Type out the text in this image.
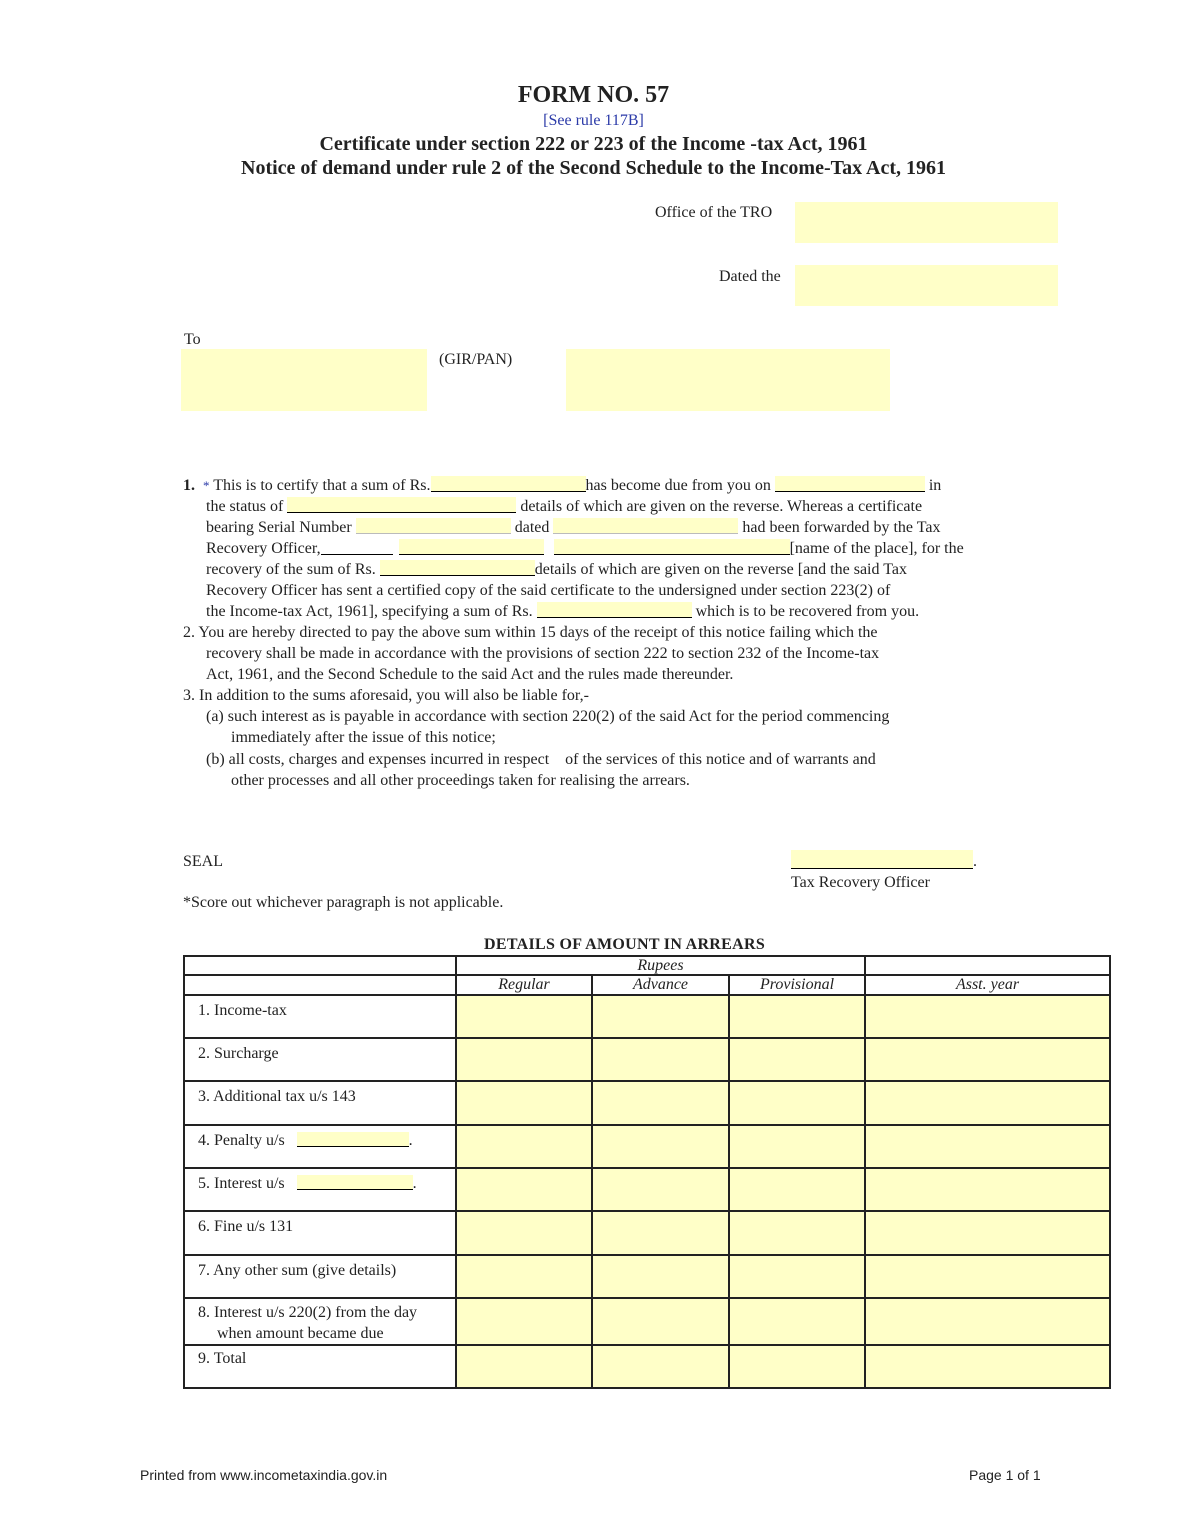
FORM NO. 57
[See rule 117B]
Certificate under section 222 or 223 of the Income -tax Act, 1961
Notice of demand under rule 2 of the Second Schedule to the Income-Tax Act, 1961
Office of the TRO
Dated the
To
(GIR/PAN)
1. * This is to certify that a sum of Rs.	has become due from you on	in
the status of	details of which are given on the reverse. Whereas a certificate
bearing Serial Number	dated	had been forwarded by the Tax
Recovery Officer,	[name of the place], for the
recovery of the sum of Rs.	details of which are given on the reverse [and the said Tax
Recovery Officer has sent a certified copy of the said certificate to the undersigned under section 223(2) of
the Income-tax Act, 1961], specifying a sum of Rs.	which is to be recovered from you.
2. You are hereby directed to pay the above sum within 15 days of the receipt of this notice failing which the
recovery shall be made in accordance with the provisions of section 222 to section 232 of the Income-tax
Act, 1961, and the Second Schedule to the said Act and the rules made thereunder.
3. In addition to the sums aforesaid, you will also be liable for,-
(a) such interest as is payable in accordance with section 220(2) of the said Act for the period commencing
immediately after the issue of this notice;
(b) all costs, charges and expenses incurred in respect    of the services of this notice and of warrants and
other processes and all other proceedings taken for realising the arrears.
SEAL	.
Tax Recovery Officer
*Score out whichever paragraph is not applicable.
DETAILS OF AMOUNT IN ARREARS
	Rupees			
	Regular	Advance	Provisional	Asst. year
1. Income-tax				
2. Surcharge				
3. Additional tax u/s 143				
4. Penalty u/s .				
5. Interest u/s .				
6. Fine u/s 131				
7. Any other sum (give details)				

8. Interest u/s 220(2) from the day
when amount became due				

9. Total				
Printed from www.incometaxindia.gov.in	Page 1 of 1
